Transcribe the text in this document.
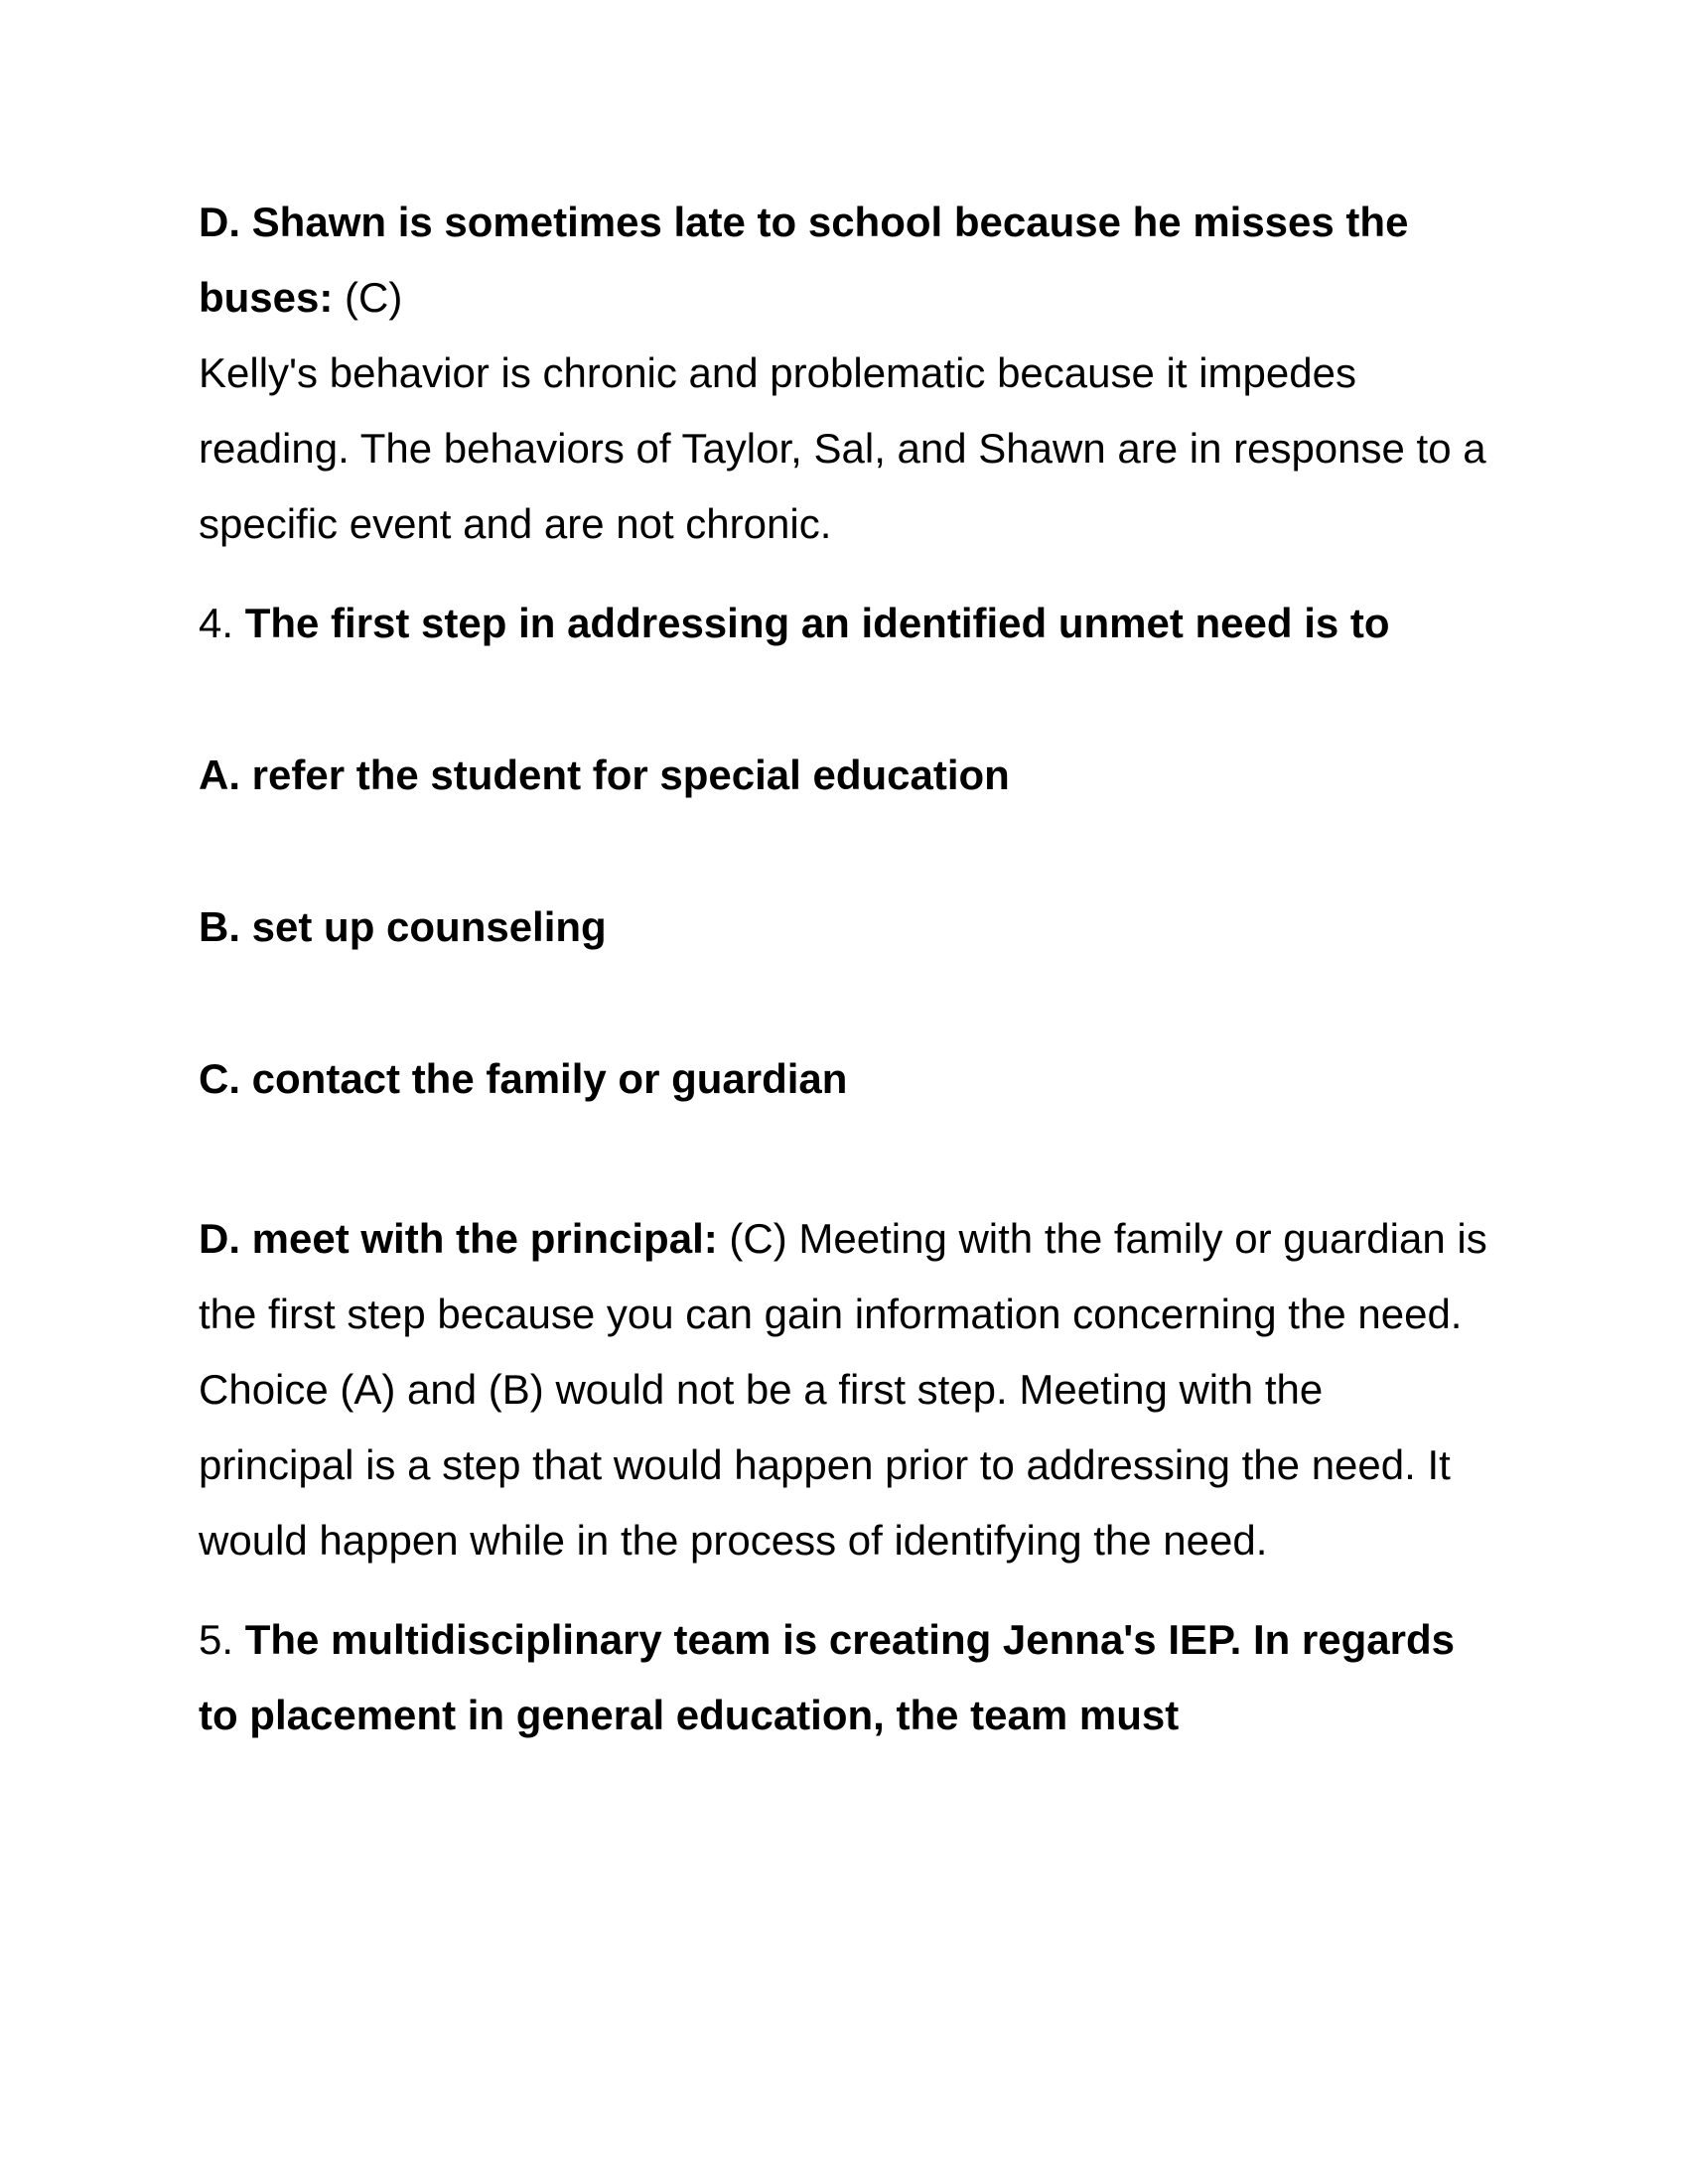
D. Shawn is sometimes late to school because he misses the buses: (C)

Kelly's behavior is chronic and problematic because it impedes reading. The behaviors of Taylor, Sal, and Shawn are in response to a specific event and are not chronic.

4. The first step in addressing an identified unmet need is to

A. refer the student for special education

B. set up counseling

C. contact the family or guardian

D. meet with the principal: (C) Meeting with the family or guardian is the first step because you can gain information concerning the need. Choice (A) and (B) would not be a first step. Meeting with the principal is a step that would happen prior to addressing the need. It would happen while in the process of identifying the need.

5. The multidisciplinary team is creating Jenna's IEP. In regards to placement in general education, the team must
